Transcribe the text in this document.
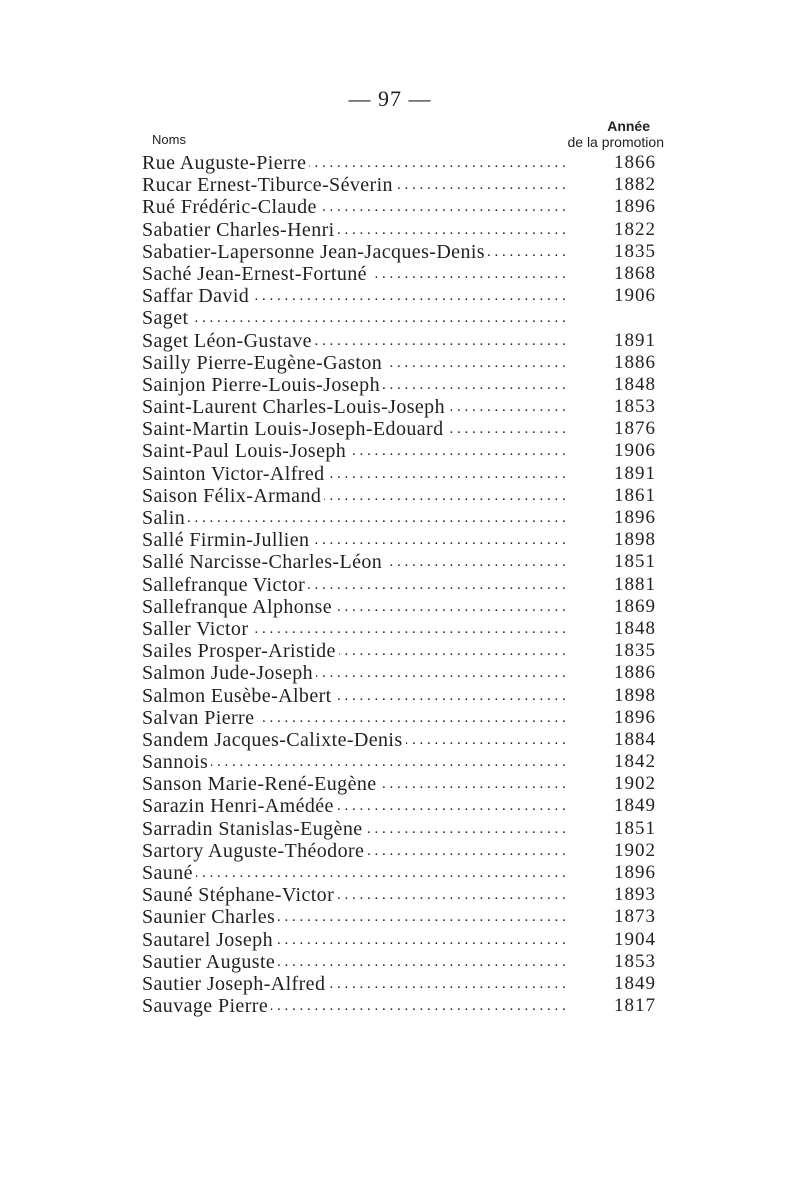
— 97 —
Année
Noms	de la promotion
Rue Auguste-Pierre . . .	1866
Rucar Ernest-Tiburce-Séverin . . .	1882
Rué Frédéric-Claude . . .	1896
Sabatier Charles-Henri . . .	1822
Sabatier-Lapersonne Jean-Jacques-Denis . . .	1835
Saché Jean-Ernest-Fortuné . . .	1868
Saffar David . . .	1906
Saget . . .
Saget Léon-Gustave . . .	1891
Sailly Pierre-Eugène-Gaston . . .	1886
Sainjon Pierre-Louis-Joseph . . .	1848
Saint-Laurent Charles-Louis-Joseph . . .	1853
Saint-Martin Louis-Joseph-Edouard . . .	1876
Saint-Paul Louis-Joseph . . .	1906
Sainton Victor-Alfred . . .	1891
Saison Félix-Armand . . .	1861
Salin . . .	1896
Sallé Firmin-Jullien . . .	1898
Sallé Narcisse-Charles-Léon . . .	1851
Sallefranque Victor . . .	1881
Sallefranque Alphonse . . .	1869
Saller Victor . . .	1848
Sailes Prosper-Aristide . . .	1835
Salmon Jude-Joseph . . .	1886
Salmon Eusèbe-Albert . . .	1898
Salvan Pierre . . .	1896
Sandem Jacques-Calixte-Denis . . .	1884
Sannois . . .	1842
Sanson Marie-René-Eugène . . .	1902
Sarazin Henri-Amédée . . .	1849
Sarradin Stanislas-Eugène . . .	1851
Sartory Auguste-Théodore . . .	1902
Sauné . . .	1896
Sauné Stéphane-Victor . . .	1893
Saunier Charles . . .	1873
Sautarel Joseph . . .	1904
Sautier Auguste . . .	1853
Sautier Joseph-Alfred . . .	1849
Sauvage Pierre . . .	1817
